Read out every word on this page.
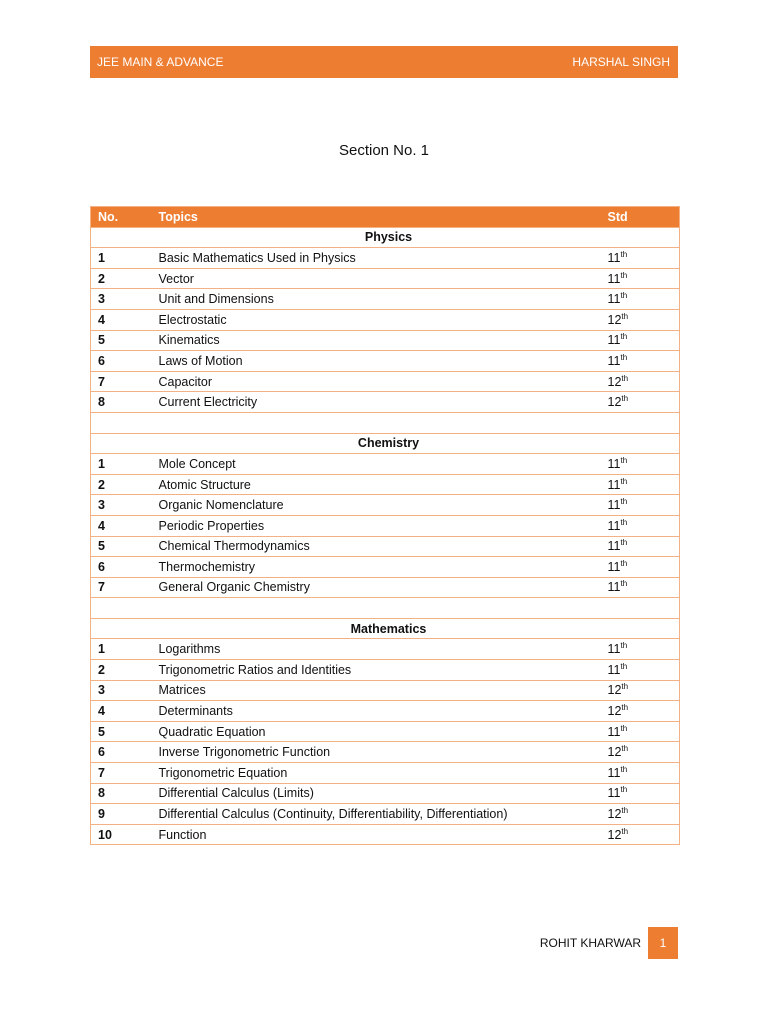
JEE MAIN & ADVANCE	HARSHAL SINGH
Section No. 1
No.	Topics	Std
Physics		
1	Basic Mathematics Used in Physics	11th
2	Vector	11th
3	Unit and Dimensions	11th
4	Electrostatic	12th
5	Kinematics	11th
6	Laws of Motion	11th
7	Capacitor	12th
8	Current Electricity	12th

Chemistry		
1	Mole Concept	11th
2	Atomic Structure	11th
3	Organic Nomenclature	11th
4	Periodic Properties	11th
5	Chemical Thermodynamics	11th
6	Thermochemistry	11th
7	General Organic Chemistry	11th

Mathematics		
1	Logarithms	11th
2	Trigonometric Ratios and Identities	11th
3	Matrices	12th
4	Determinants	12th
5	Quadratic Equation	11th
6	Inverse Trigonometric Function	12th
7	Trigonometric Equation	11th
8	Differential Calculus (Limits)	11th
9	Differential Calculus (Continuity, Differentiability, Differentiation)	12th
10	Function	12th
ROHIT KHARWAR	1
